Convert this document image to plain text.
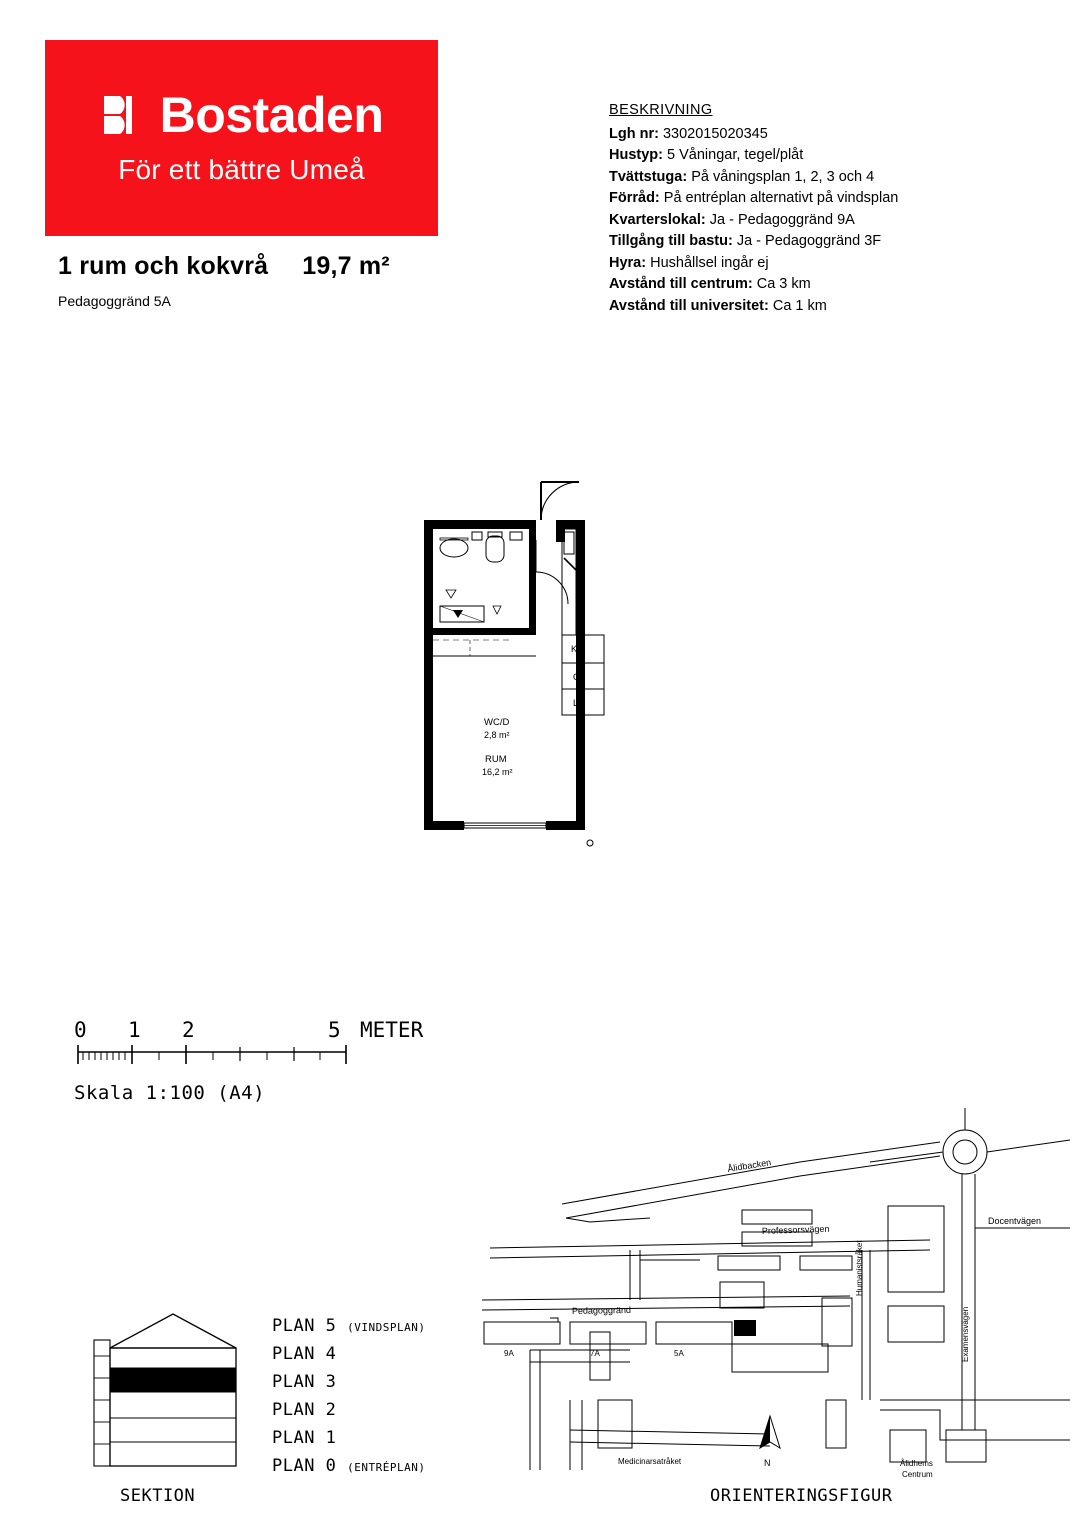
Bostaden
För ett bättre Umeå
1 rum och kokvrå 19,7 m²
Pedagoggränd 5A
BESKRIVNING
Lgh nr: 3302015020345
Hustyp: 5 Våningar, tegel/plåt
Tvättstuga: På våningsplan 1, 2, 3 och 4
Förråd: På entréplan alternativt på vindsplan
Kvarterslokal: Ja - Pedagoggränd 9A
Tillgång till bastu: Ja - Pedagoggränd 3F
Hyra: Hushållsel ingår ej
Avstånd till centrum: Ca 3 km
Avstånd till universitet: Ca 1 km
K/F
G6
L6
WC/D
2,8 m²
RUM
16,2 m²
0 1 2	5 METER
Skala 1:100 (A4)
PLAN 5 (VINDSPLAN)
PLAN 4
PLAN 3
PLAN 2
PLAN 1
PLAN 0 (ENTRÉPLAN)
SEKTION
N
Ålidbacken
Professorsvägen
Docentvägen
Humanistsråket
Examensvägen
Pedagoggränd
Medicinarsatråket
9A	7A	5A
Ålidhems
Centrum
ORIENTERINGSFIGUR
